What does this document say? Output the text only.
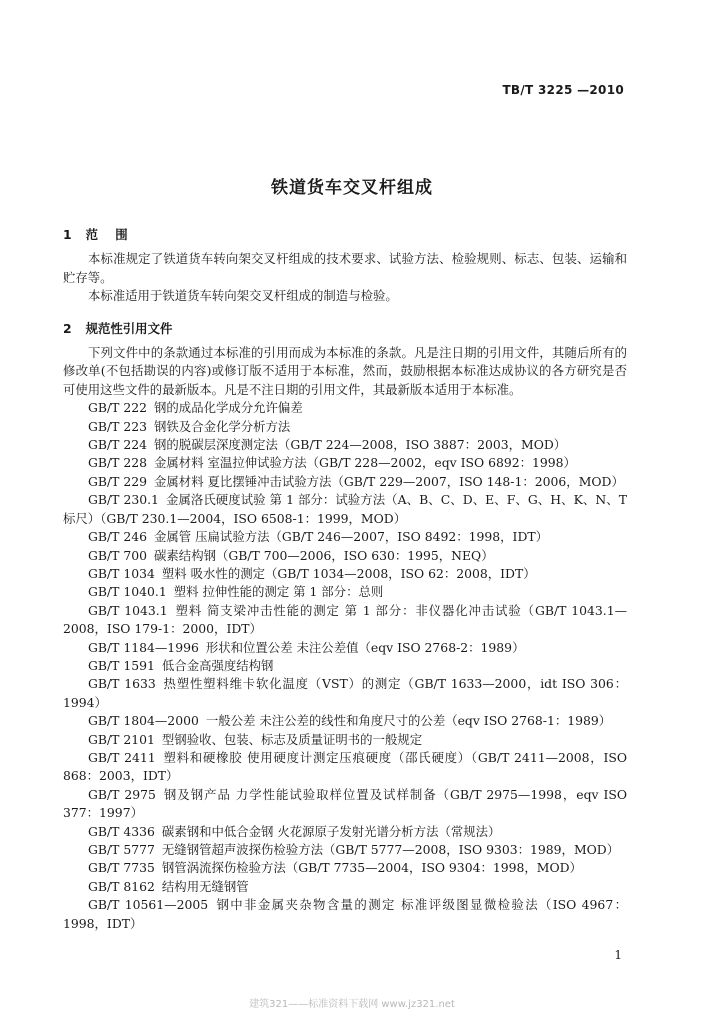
TB/T 3225 —2010
铁道货车交叉杆组成
1 范    围
本标准规定了铁道货车转向架交叉杆组成的技术要求、试验方法、检验规则、标志、包装、运输和贮存等。
本标准适用于铁道货车转向架交叉杆组成的制造与检验。
2 规范性引用文件
下列文件中的条款通过本标准的引用而成为本标准的条款。凡是注日期的引用文件，其随后所有的修改单(不包括勘误的内容)或修订版不适用于本标准，然而，鼓励根据本标准达成协议的各方研究是否可使用这些文件的最新版本。凡是不注日期的引用文件，其最新版本适用于本标准。
GB/T 222 钢的成品化学成分允许偏差
GB/T 223 钢铁及合金化学分析方法
GB/T 224 钢的脱碳层深度测定法（GB/T 224—2008，ISO 3887：2003，MOD）
GB/T 228 金属材料 室温拉伸试验方法（GB/T 228—2002，eqv ISO 6892：1998）
GB/T 229 金属材料 夏比摆锤冲击试验方法（GB/T 229—2007，ISO 148-1：2006，MOD）
GB/T 230.1 金属洛氏硬度试验 第 1 部分：试验方法（A、B、C、D、E、F、G、H、K、N、T 标尺）（GB/T 230.1—2004，ISO 6508-1：1999，MOD）
GB/T 246 金属管 压扁试验方法（GB/T 246—2007，ISO 8492：1998，IDT）
GB/T 700 碳素结构钢（GB/T 700—2006，ISO 630：1995，NEQ）
GB/T 1034 塑料 吸水性的测定（GB/T 1034—2008，ISO 62：2008，IDT）
GB/T 1040.1 塑料 拉伸性能的测定 第 1 部分：总则
GB/T 1043.1 塑料 简支梁冲击性能的测定 第 1 部分：非仪器化冲击试验（GB/T 1043.1—2008，ISO 179-1：2000，IDT）
GB/T 1184—1996 形状和位置公差 未注公差值（eqv ISO 2768-2：1989）
GB/T 1591 低合金高强度结构钢
GB/T 1633 热塑性塑料维卡软化温度（VST）的测定（GB/T 1633—2000，idt ISO 306：1994）
GB/T 1804—2000 一般公差 未注公差的线性和角度尺寸的公差（eqv ISO 2768-1：1989）
GB/T 2101 型钢验收、包装、标志及质量证明书的一般规定
GB/T 2411 塑料和硬橡胶 使用硬度计测定压痕硬度（邵氏硬度）（GB/T 2411—2008，ISO 868：2003，IDT）
GB/T 2975 钢及钢产品 力学性能试验取样位置及试样制备（GB/T 2975—1998，eqv ISO 377：1997）
GB/T 4336 碳素钢和中低合金钢 火花源原子发射光谱分析方法（常规法）
GB/T 5777 无缝钢管超声波探伤检验方法（GB/T 5777—2008，ISO 9303：1989，MOD）
GB/T 7735 钢管涡流探伤检验方法（GB/T 7735—2004，ISO 9304：1998，MOD）
GB/T 8162 结构用无缝钢管
GB/T 10561—2005 钢中非金属夹杂物含量的测定 标准评级图显微检验法（ISO 4967：1998，IDT）
1
建筑321——标准资料下载网 www.jz321.net
